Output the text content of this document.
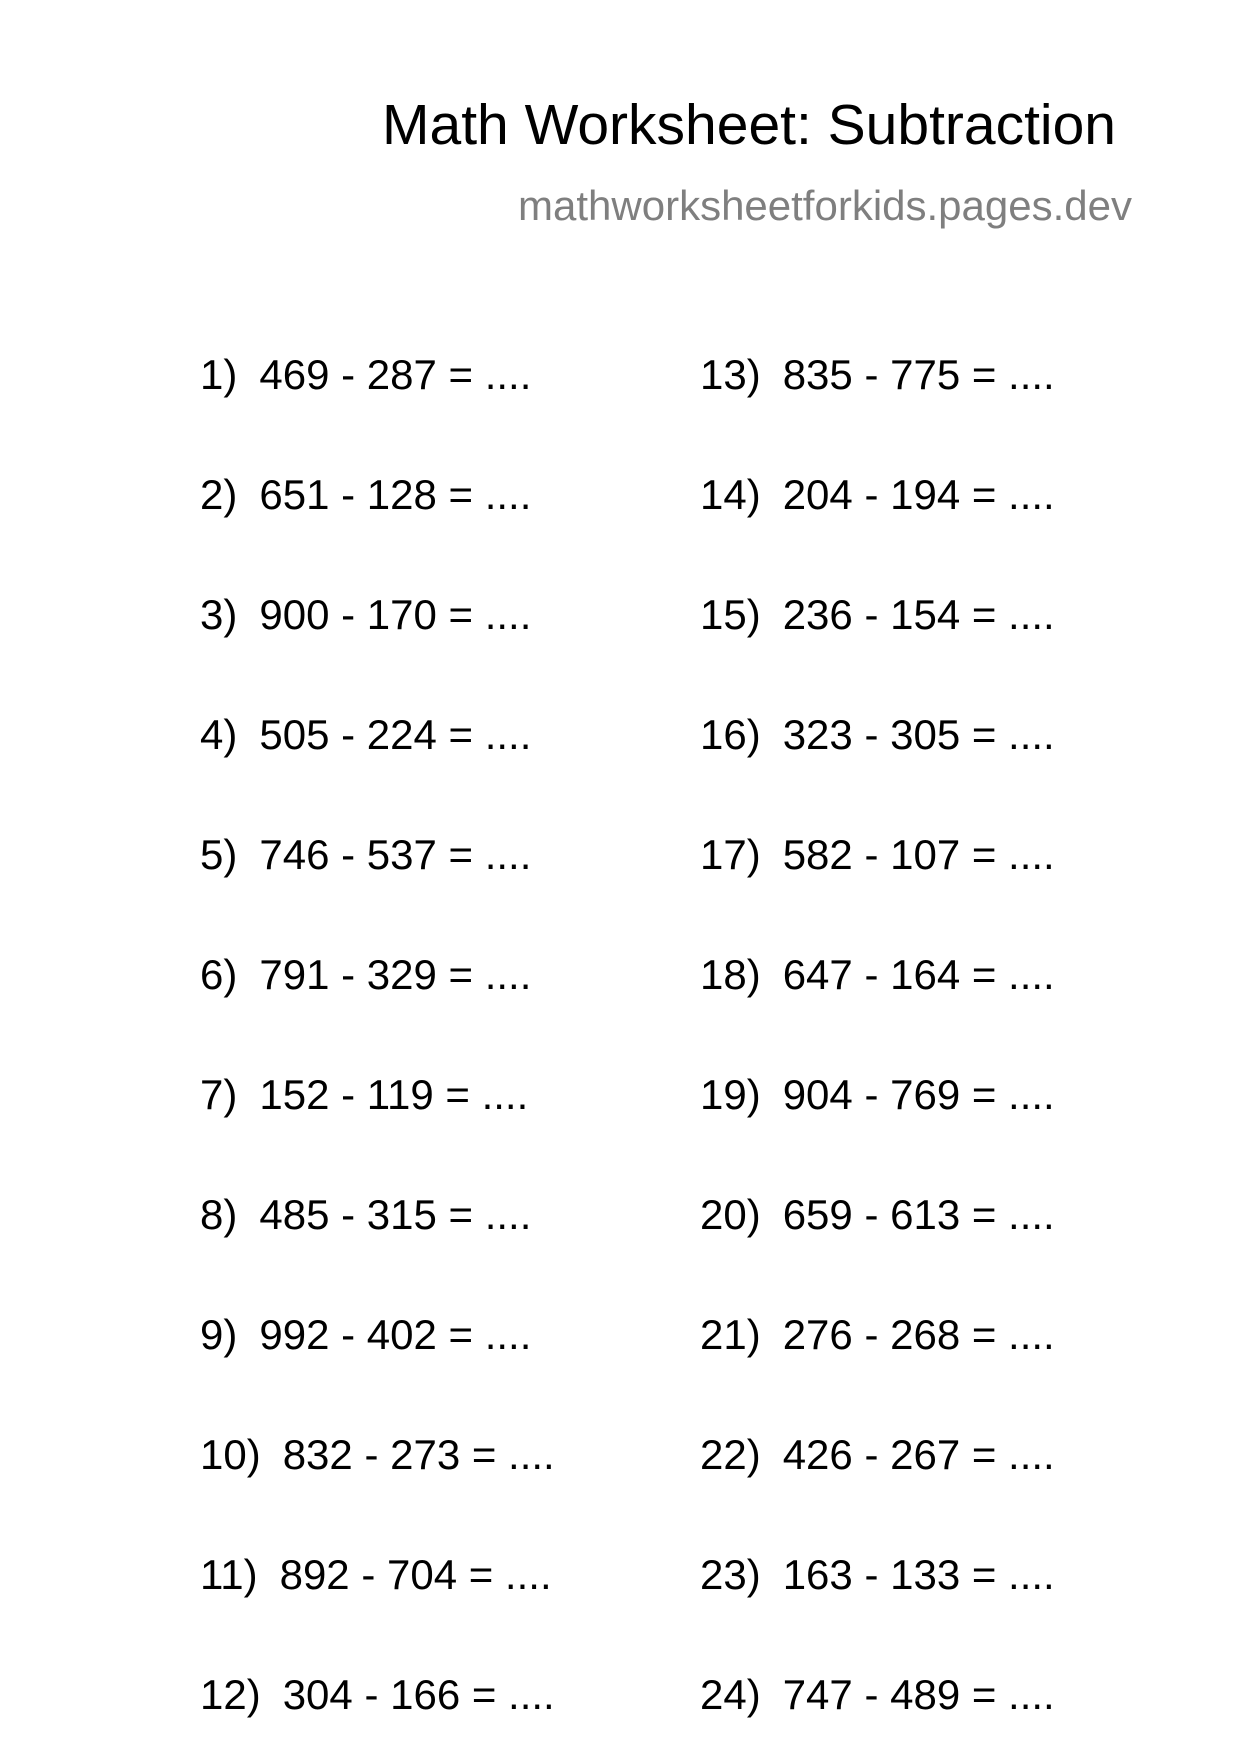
Math Worksheet: Subtraction
mathworksheetforkids.pages.dev
1) 469 - 287 = ....
2) 651 - 128 = ....
3) 900 - 170 = ....
4) 505 - 224 = ....
5) 746 - 537 = ....
6) 791 - 329 = ....
7) 152 - 119 = ....
8) 485 - 315 = ....
9) 992 - 402 = ....
10) 832 - 273 = ....
11) 892 - 704 = ....
12) 304 - 166 = ....
13) 835 - 775 = ....
14) 204 - 194 = ....
15) 236 - 154 = ....
16) 323 - 305 = ....
17) 582 - 107 = ....
18) 647 - 164 = ....
19) 904 - 769 = ....
20) 659 - 613 = ....
21) 276 - 268 = ....
22) 426 - 267 = ....
23) 163 - 133 = ....
24) 747 - 489 = ....
